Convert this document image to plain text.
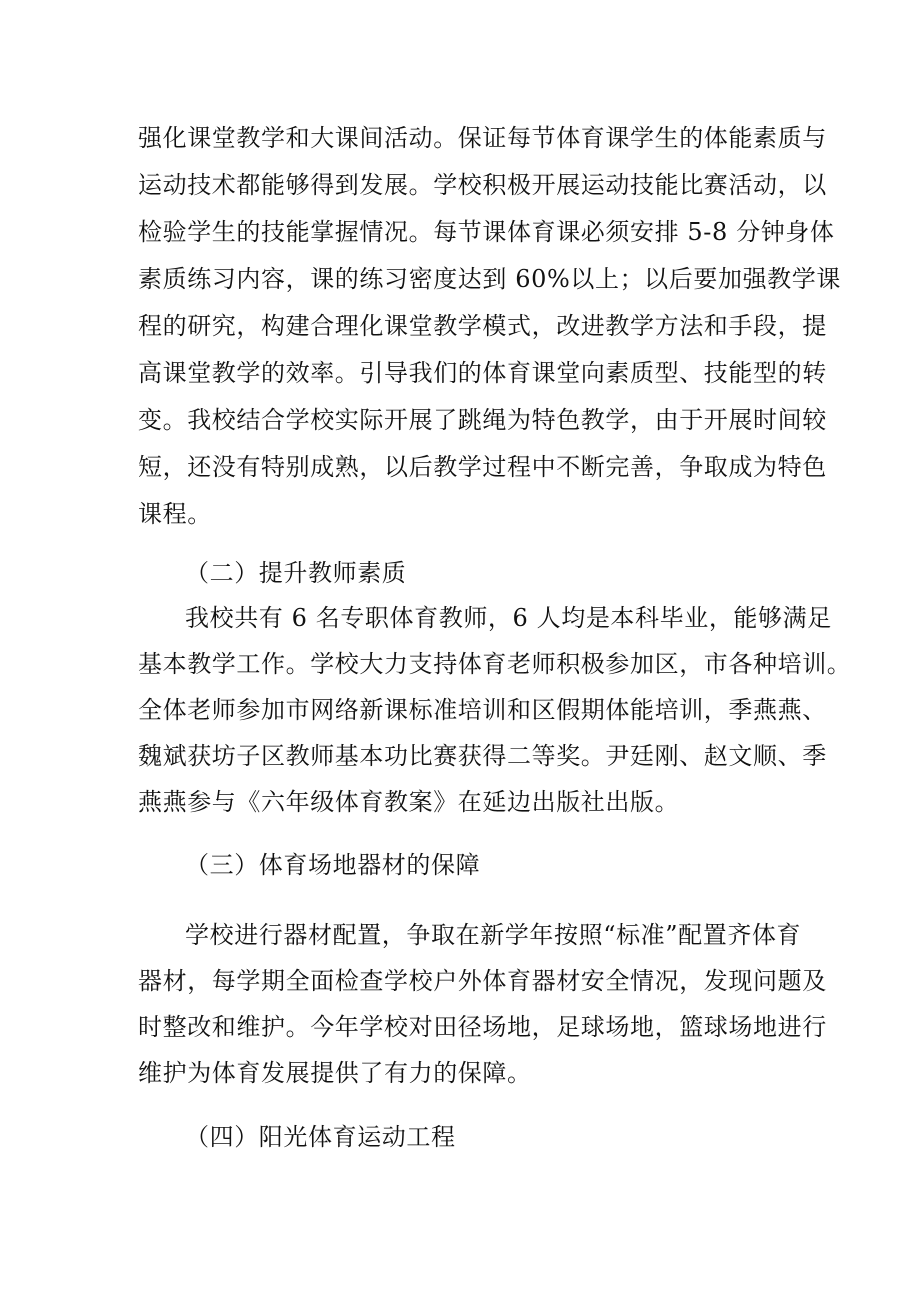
强化课堂教学和大课间活动。保证每节体育课学生的体能素质与
运动技术都能够得到发展。学校积极开展运动技能比赛活动，以
检验学生的技能掌握情况。每节课体育课必须安排 5-8 分钟身体
素质练习内容，课的练习密度达到 60%以上；以后要加强教学课
程的研究，构建合理化课堂教学模式，改进教学方法和手段，提
高课堂教学的效率。引导我们的体育课堂向素质型、技能型的转
变。我校结合学校实际开展了跳绳为特色教学，由于开展时间较
短，还没有特别成熟，以后教学过程中不断完善，争取成为特色
课程。
（二）提升教师素质
我校共有 6 名专职体育教师，6 人均是本科毕业，能够满足
基本教学工作。学校大力支持体育老师积极参加区，市各种培训。
全体老师参加市网络新课标准培训和区假期体能培训，季燕燕、
魏斌获坊子区教师基本功比赛获得二等奖。尹廷刚、赵文顺、季
燕燕参与《六年级体育教案》在延边出版社出版。
（三）体育场地器材的保障
学校进行器材配置，争取在新学年按照“标准”配置齐体育
器材，每学期全面检查学校户外体育器材安全情况，发现问题及
时整改和维护。今年学校对田径场地，足球场地，篮球场地进行
维护为体育发展提供了有力的保障。
（四）阳光体育运动工程
